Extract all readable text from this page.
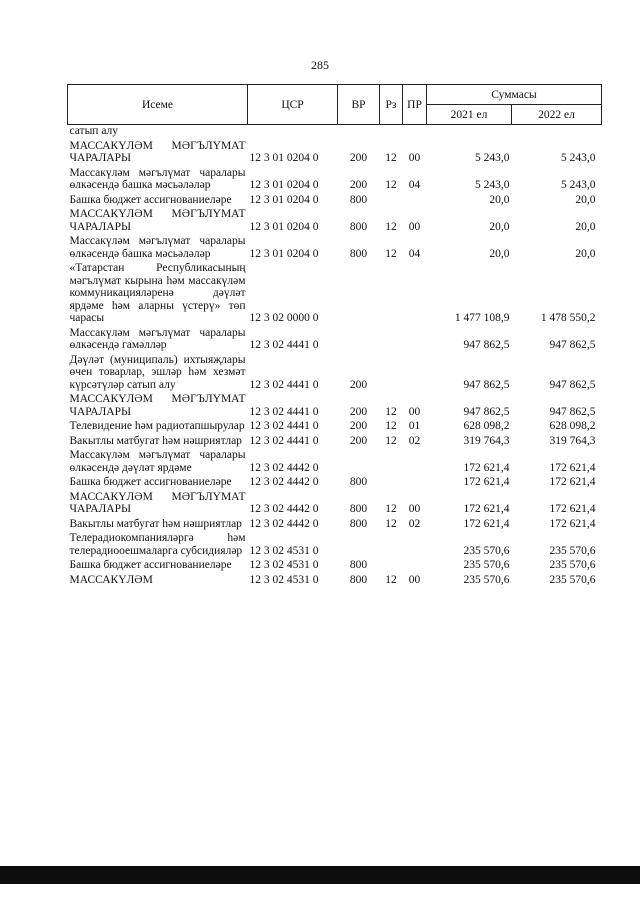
285
Исеме	ЦСР	ВР	Рз	ПР	Суммасы	
					2021 ел	2022 ел
сатып алу						
МАССАКҮЛӘМ МӘГЪЛҮМАТ ЧАРАЛАРЫ	12 3 01 0204 0	200	12	00	5 243,0	5 243,0
Массакүләм мәгълүмат чаралары өлкәсендә башка мәсьәләләр	12 3 01 0204 0	200	12	04	5 243,0	5 243,0
Башка бюджет ассигнованиеләре	12 3 01 0204 0	800			20,0	20,0
МАССАКҮЛӘМ МӘГЪЛҮМАТ ЧАРАЛАРЫ	12 3 01 0204 0	800	12	00	20,0	20,0
Массакүләм мәгълүмат чаралары өлкәсендә башка мәсьәләләр	12 3 01 0204 0	800	12	04	20,0	20,0
«Татарстан Республикасының мәгълүмат кырына һәм массакүләм коммуникацияләренә дәүләт ярдәме һәм аларны үстерү» төп чарасы	12 3 02 0000 0				1 477 108,9	1 478 550,2
Массакүләм мәгълүмат чаралары өлкәсендә гамәлләр	12 3 02 4441 0				947 862,5	947 862,5
Дәүләт (муниципаль) ихтыяҗлары өчен товарлар, эшләр һәм хезмәт күрсәтүләр сатып алу	12 3 02 4441 0	200			947 862,5	947 862,5
МАССАКҮЛӘМ МӘГЪЛҮМАТ ЧАРАЛАРЫ	12 3 02 4441 0	200	12	00	947 862,5	947 862,5
Телевидение һәм радиотапшырулар	12 3 02 4441 0	200	12	01	628 098,2	628 098,2
Вакытлы матбугат һәм нәшриятлар	12 3 02 4441 0	200	12	02	319 764,3	319 764,3
Массакүләм мәгълүмат чаралары өлкәсендә дәүләт ярдәме	12 3 02 4442 0				172 621,4	172 621,4
Башка бюджет ассигнованиеләре	12 3 02 4442 0	800			172 621,4	172 621,4
МАССАКҮЛӘМ МӘГЪЛҮМАТ ЧАРАЛАРЫ	12 3 02 4442 0	800	12	00	172 621,4	172 621,4
Вакытлы матбугат һәм нәшриятлар	12 3 02 4442 0	800	12	02	172 621,4	172 621,4
Телерадиокомпанияләргә һәм телерадиооешмаларга субсидияләр	12 3 02 4531 0				235 570,6	235 570,6
Башка бюджет ассигнованиеләре	12 3 02 4531 0	800			235 570,6	235 570,6
МАССАКҮЛӘМ	12 3 02 4531 0	800	12	00	235 570,6	235 570,6
